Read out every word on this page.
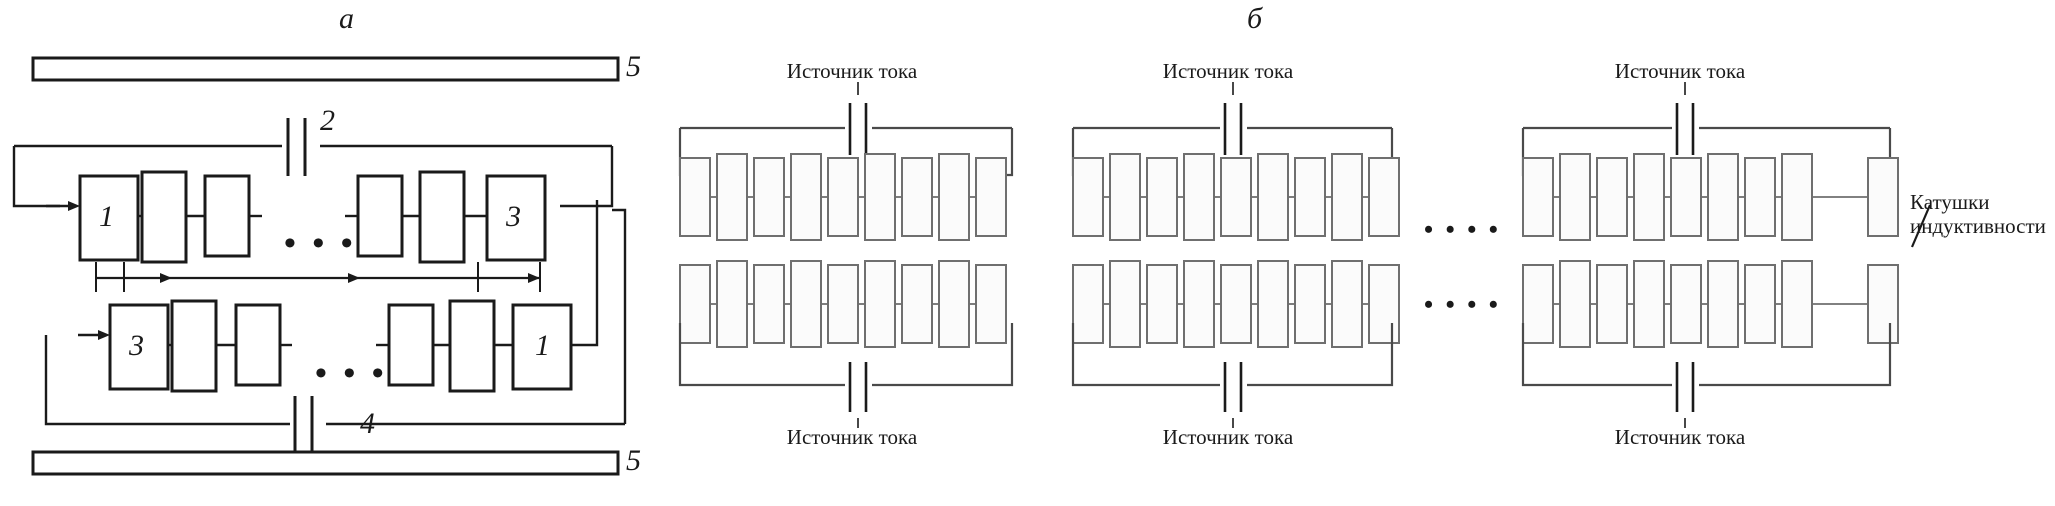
а	б
5
5
2
4
1	3
3	1
• • •
• • •
Источник тока
Источник тока
Источник тока
Источник тока
Источник тока
Источник тока
• • • •
• • • •
Катушки
индуктивности
